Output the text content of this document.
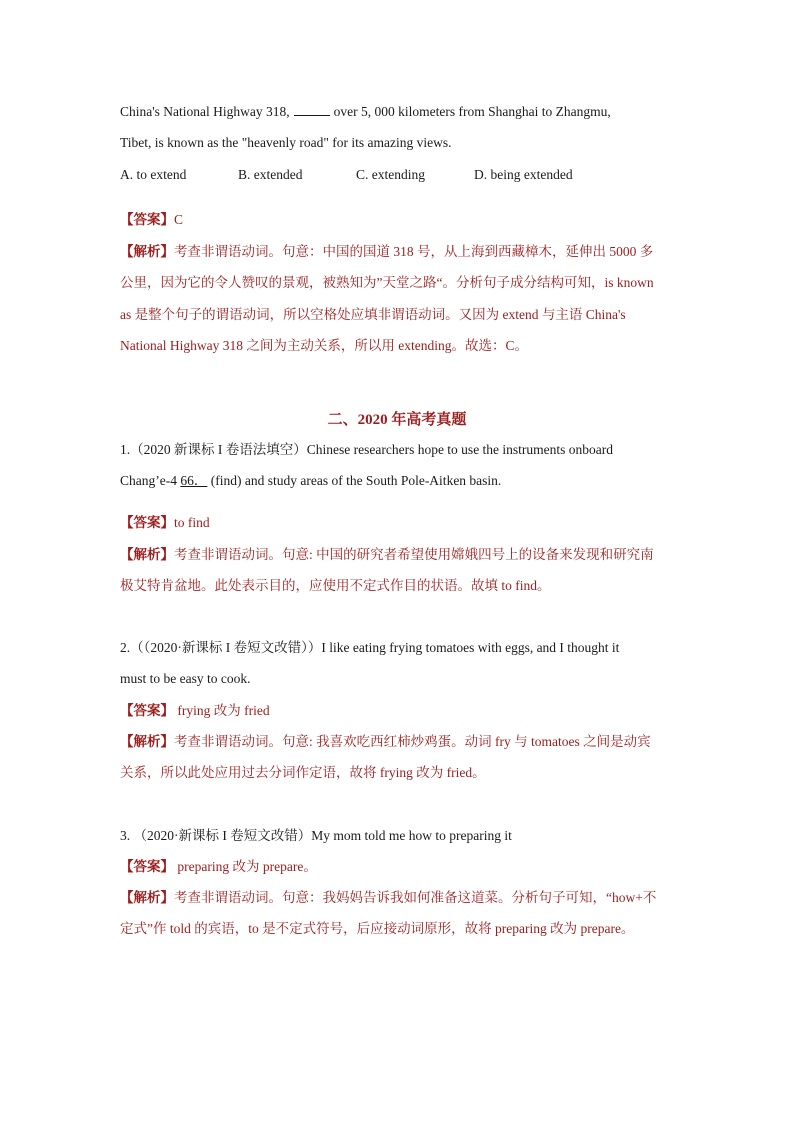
China's National Highway 318,	over 5, 000 kilometers from Shanghai to Zhangmu,
Tibet, is known as the "heavenly road" for its amazing views.
A. to extend	B. extended	C. extending	D. being extended
【答案】C
【解析】考查非谓语动词。句意：中国的国道 318 号，从上海到西藏樟木，延伸出 5000 多
公里，因为它的令人赞叹的景观，被熟知为”天堂之路“。分析句子成分结构可知，is known
as 是整个句子的谓语动词，所以空格处应填非谓语动词。又因为 extend 与主语 China's
National Highway 318 之间为主动关系，所以用 extending。故选：C。
二、2020 年高考真题
1.（2020 新课标 I 卷语法填空）Chinese researchers hope to use the instruments onboard
Chang’e-4 66． (find) and study areas of the South Pole-Aitken basin.
【答案】to find
【解析】考查非谓语动词。句意: 中国的研究者希望使用嫦娥四号上的设备来发现和研究南
极艾特肯盆地。此处表示目的，应使用不定式作目的状语。故填 to find。
2.（（2020·新课标 I 卷短文改错））I like eating frying tomatoes with eggs, and I thought it
must to be easy to cook.
【答案】 frying 改为 fried
【解析】考查非谓语动词。句意: 我喜欢吃西红柿炒鸡蛋。动词 fry 与 tomatoes 之间是动宾
关系，所以此处应用过去分词作定语，故将 frying 改为 fried。
3. （2020·新课标 I 卷短文改错）My mom told me how to preparing it
【答案】 preparing 改为 prepare。
【解析】考查非谓语动词。句意：我妈妈告诉我如何准备这道菜。分析句子可知，“how+不
定式”作 told 的宾语，to 是不定式符号，后应接动词原形，故将 preparing 改为 prepare。
